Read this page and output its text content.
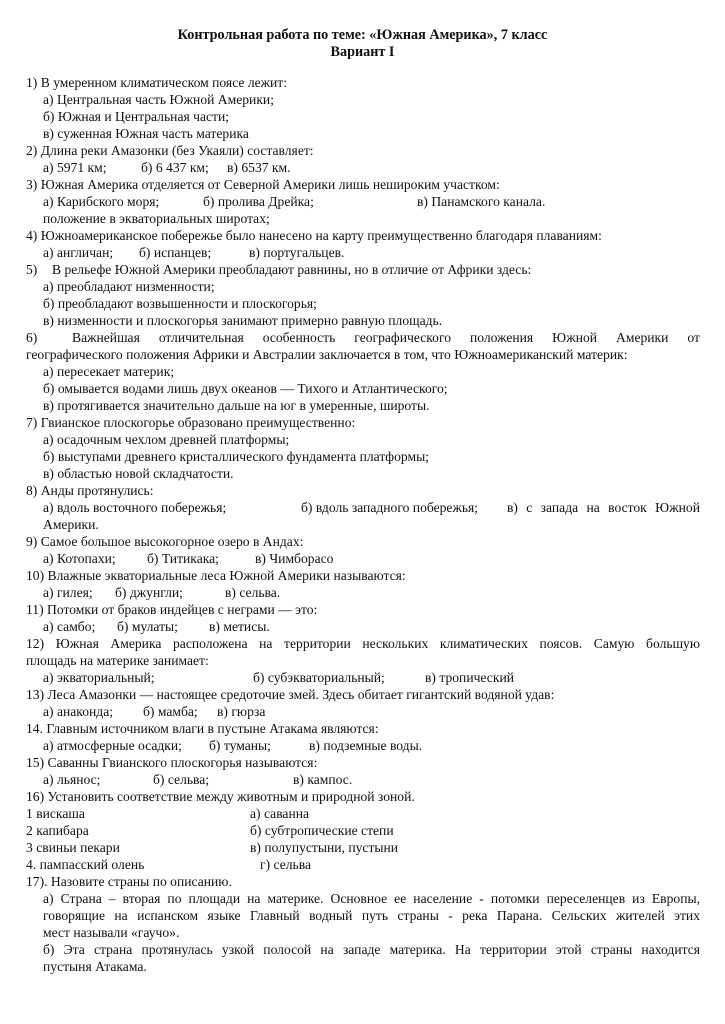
Контрольная работа по теме: «Южная Америка», 7 класс
Вариант I
1) В умеренном климатическом поясе лежит:
а) Центральная часть Южной Америки;
б) Южная и Центральная части;
в) суженная Южная часть материка
2) Длина реки Амазонки (без Укаяли) составляет:
а) 5971 км;	б) 6 437 км;	в) 6537 км.
3) Южная Америка отделяется от Северной Америки лишь нешироким участком:
а) Карибского моря;	б) пролива Дрейка;	в) Панамского канала.
положение в экваториальных широтах;
4) Южноамериканское побережье было нанесено на карту преимущественно благодаря плаваниям:
а) англичан;	б) испанцев;	в) португальцев.
5) В рельефе Южной Америки преобладают равнины, но в отличие от Африки здесь:
а) преобладают низменности;
б) преобладают возвышенности и плоскогорья;
в) низменности и плоскогорья занимают примерно равную площадь.
6)	Важнейшая отличительная особенность географического положения Южной Америки от
географического положения Африки и Австралии заключается в том, что Южноамериканский материк:
а) пересекает материк;
б) омывается водами лишь двух океанов — Тихого и Атлантического;
в) протягивается значительно дальше на юг в умеренные, широты.
7) Гвианское плоскогорье образовано преимущественно:
а) осадочным чехлом древней платформы;
б) выступами древнего кристаллического фундамента платформы;
в) областью новой складчатости.
8) Анды протянулись:
а) вдоль восточного побережья;	б) вдоль западного побережья;	в) с запада на восток Южной
Америки.
9) Самое большое высокогорное озеро в Андах:
а) Котопахи;	б) Титикака;	в) Чимборасо
10) Влажные экваториальные леса Южной Америки называются:
а) гилея;	б) джунгли;	в) сельва.
11) Потомки от браков индейцев с неграми — это:
а) самбо;	б) мулаты;	в) метисы.
12) Южная Америка расположена на территории нескольких климатических поясов. Самую большую
площадь на материке занимает:
а) экваториальный;	б) субэкваториальный;	в) тропический
13) Леса Амазонки — настоящее средоточие змей. Здесь обитает гигантский водяной удав:
а) анаконда;	б) мамба;	в) гюрза
14. Главным источником влаги в пустыне Атакама являются:
а) атмосферные осадки;	б) туманы;	в) подземные воды.
15) Саванны Гвианского плоскогорья называются:
а) льянос;	б) сельва;	в) кампос.
16) Установить соответствие между животным и природной зоной.
1 вискаша	а) саванна
2 капибара	б) субтропические степи
3 свиньи пекари	в) полупустыни, пустыни
4. пампасский олень	г) сельва
17). Назовите страны по описанию.
а) Страна – вторая по площади на материке. Основное ее население - потомки переселенцев из Европы,
говорящие на испанском языке Главный водный путь страны - река Парана. Сельских жителей этих
мест называли «гаучо».
б) Эта страна протянулась узкой полосой на западе материка. На территории этой страны находится
пустыня Атакама.
